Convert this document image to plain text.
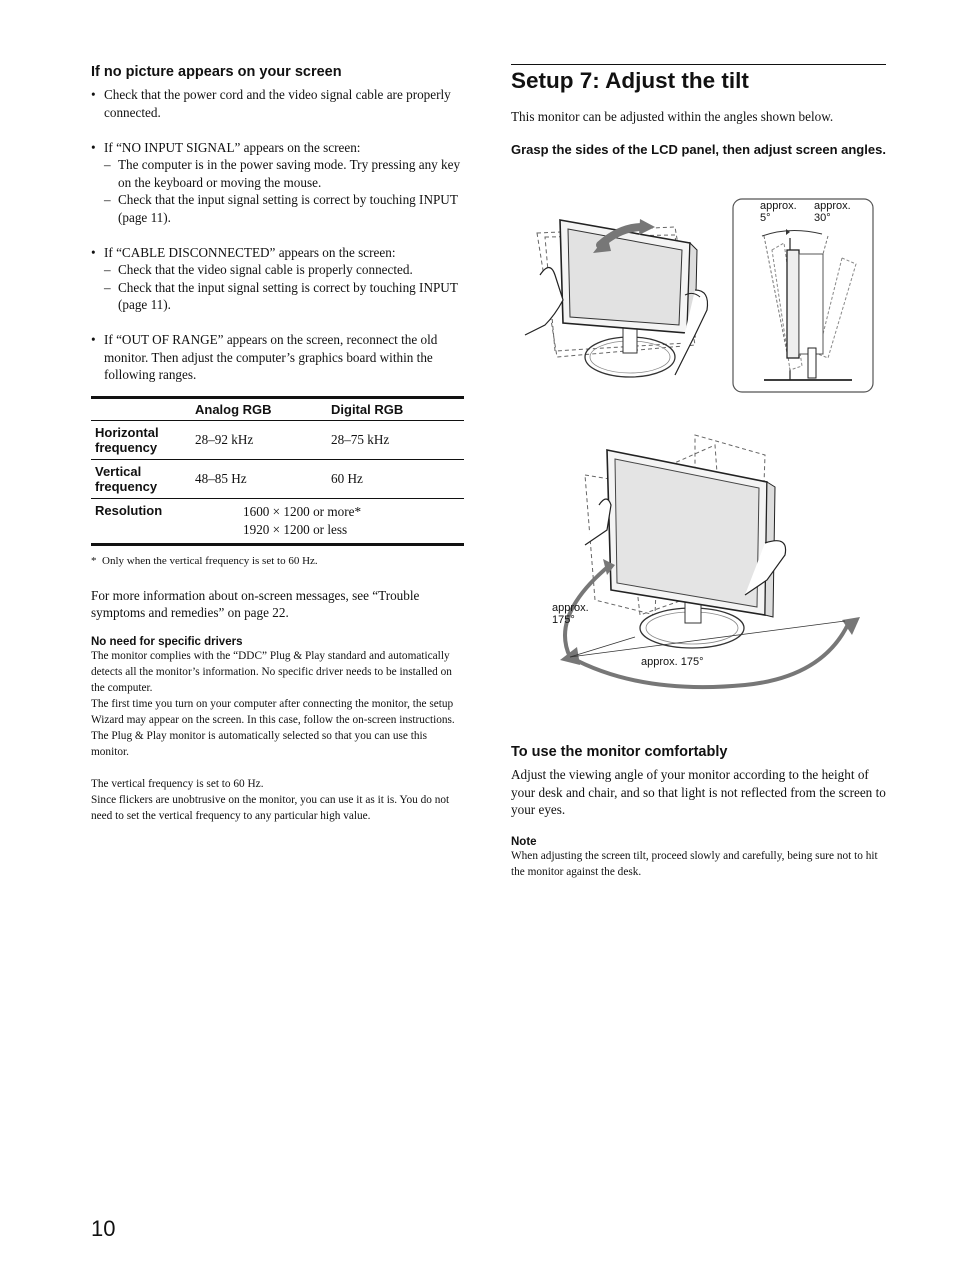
If no picture appears on your screen
• Check that the power cord and the video signal cable are properly connected.
• If “NO INPUT SIGNAL” appears on the screen:
– The computer is in the power saving mode. Try pressing any key on the keyboard or moving the mouse.
– Check that the input signal setting is correct by touching INPUT (page 11).
• If “CABLE DISCONNECTED” appears on the screen:
– Check that the video signal cable is properly connected.
– Check that the input signal setting is correct by touching INPUT (page 11).
• If “OUT OF RANGE” appears on the screen, reconnect the old monitor. Then adjust the computer’s graphics board within the following ranges.
	Analog RGB	Digital RGB
Horizontal frequency	28–92 kHz	28–75 kHz
Vertical frequency	48–85 Hz	60 Hz
Resolution	1600 × 1200 or more*
1920 × 1200 or less	

* Only when the vertical frequency is set to 60 Hz.

For more information about on-screen messages, see “Trouble symptoms and remedies” on page 22.

No need for specific drivers

The monitor complies with the “DDC” Plug & Play standard and automatically detects all the monitor’s information. No specific driver needs to be installed on the computer.

The first time you turn on your computer after connecting the monitor, the setup Wizard may appear on the screen. In this case, follow the on-screen instructions. The Plug & Play monitor is automatically selected so that you can use this monitor.

The vertical frequency is set to 60 Hz.

Since flickers are unobtrusive on the monitor, you can use it as it is. You do not need to set the vertical frequency to any particular high value.

Setup 7: Adjust the tilt

This monitor can be adjusted within the angles shown below.

Grasp the sides of the LCD panel, then adjust screen angles.

approx.
5°
approx.
30°
approx.
175°
approx. 175°
To use the monitor comfortably

Adjust the viewing angle of your monitor according to the height of your desk and chair, and so that light is not reflected from the screen to your eyes.

Note

When adjusting the screen tilt, proceed slowly and carefully, being sure not to hit the monitor against the desk.

10
